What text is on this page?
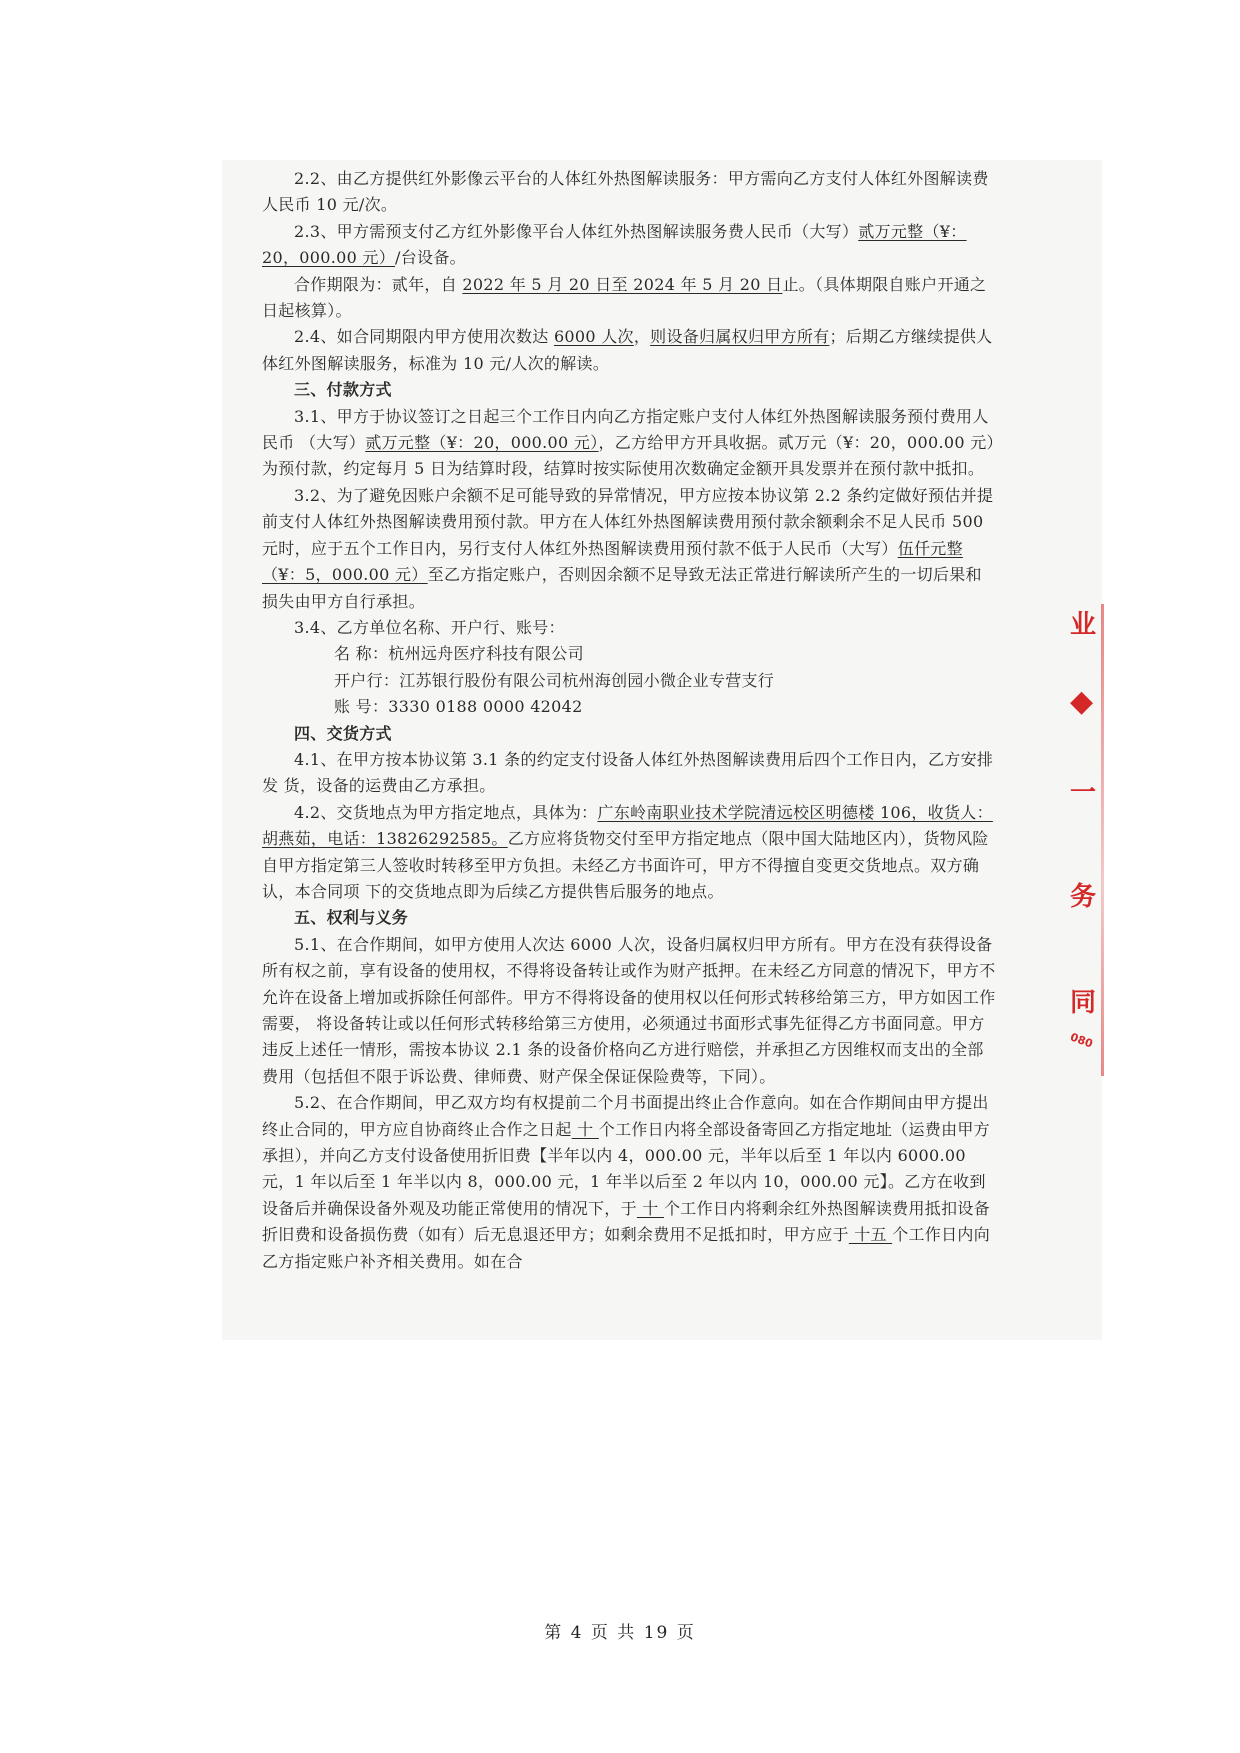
2.2、由乙方提供红外影像云平台的人体红外热图解读服务：甲方需向乙方支付人体红外图解读费人民币 10 元/次。

2.3、甲方需预支付乙方红外影像平台人体红外热图解读服务费人民币（大写）贰万元整（¥：20，000.00 元）/台设备。

合作期限为：贰年，自 2022 年 5 月 20 日至 2024 年 5 月 20 日止。（具体期限自账户开通之日起核算）。

2.4、如合同期限内甲方使用次数达 6000 人次，则设备归属权归甲方所有；后期乙方继续提供人体红外图解读服务，标准为 10 元/人次的解读。

三、付款方式

3.1、甲方于协议签订之日起三个工作日内向乙方指定账户支付人体红外热图解读服务预付费用人民币 （大写）贰万元整（¥：20，000.00 元），乙方给甲方开具收据。贰万元（¥：20，000.00 元）为预付款，约定每月 5 日为结算时段，结算时按实际使用次数确定金额开具发票并在预付款中抵扣。

3.2、为了避免因账户余额不足可能导致的异常情况，甲方应按本协议第 2.2 条约定做好预估并提前支付人体红外热图解读费用预付款。甲方在人体红外热图解读费用预付款余额剩余不足人民币 500 元时，应于五个工作日内，另行支付人体红外热图解读费用预付款不低于人民币（大写）伍仟元整（¥：5，000.00 元）至乙方指定账户，否则因余额不足导致无法正常进行解读所产生的一切后果和损失由甲方自行承担。

3.4、乙方单位名称、开户行、账号：

名 称：杭州远舟医疗科技有限公司

开户行：江苏银行股份有限公司杭州海创园小微企业专营支行

账 号：3330 0188 0000 42042

四、交货方式

4.1、在甲方按本协议第 3.1 条的约定支付设备人体红外热图解读费用后四个工作日内，乙方安排发 货，设备的运费由乙方承担。

4.2、交货地点为甲方指定地点，具体为：广东岭南职业技术学院清远校区明德楼 106，收货人：胡燕茹，电话：13826292585。乙方应将货物交付至甲方指定地点（限中国大陆地区内），货物风险自甲方指定第三人签收时转移至甲方负担。未经乙方书面许可，甲方不得擅自变更交货地点。双方确认，本合同项 下的交货地点即为后续乙方提供售后服务的地点。

五、权利与义务

5.1、在合作期间，如甲方使用人次达 6000 人次，设备归属权归甲方所有。甲方在没有获得设备所有权之前，享有设备的使用权，不得将设备转让或作为财产抵押。在未经乙方同意的情况下，甲方不允许在设备上增加或拆除任何部件。甲方不得将设备的使用权以任何形式转移给第三方，甲方如因工作需要， 将设备转让或以任何形式转移给第三方使用，必须通过书面形式事先征得乙方书面同意。甲方违反上述任一情形，需按本协议 2.1 条的设备价格向乙方进行赔偿，并承担乙方因维权而支出的全部费用（包括但不限于诉讼费、律师费、财产保全保证保险费等，下同）。

5.2、在合作期间，甲乙双方均有权提前二个月书面提出终止合作意向。如在合作期间由甲方提出终止合同的，甲方应自协商终止合作之日起 十 个工作日内将全部设备寄回乙方指定地址（运费由甲方承担），并向乙方支付设备使用折旧费【半年以内 4，000.00 元，半年以后至 1 年以内 6000.00 元，1 年以后至 1 年半以内 8，000.00 元，1 年半以后至 2 年以内 10，000.00 元】。乙方在收到设备后并确保设备外观及功能正常使用的情况下，于 十 个工作日内将剩余红外热图解读费用抵扣设备折旧费和设备损伤费（如有）后无息退还甲方；如剩余费用不足抵扣时，甲方应于 十五 个工作日内向乙方指定账户补齐相关费用。如在合

业
◆
一
务
同
080
第 4 页 共 19 页
